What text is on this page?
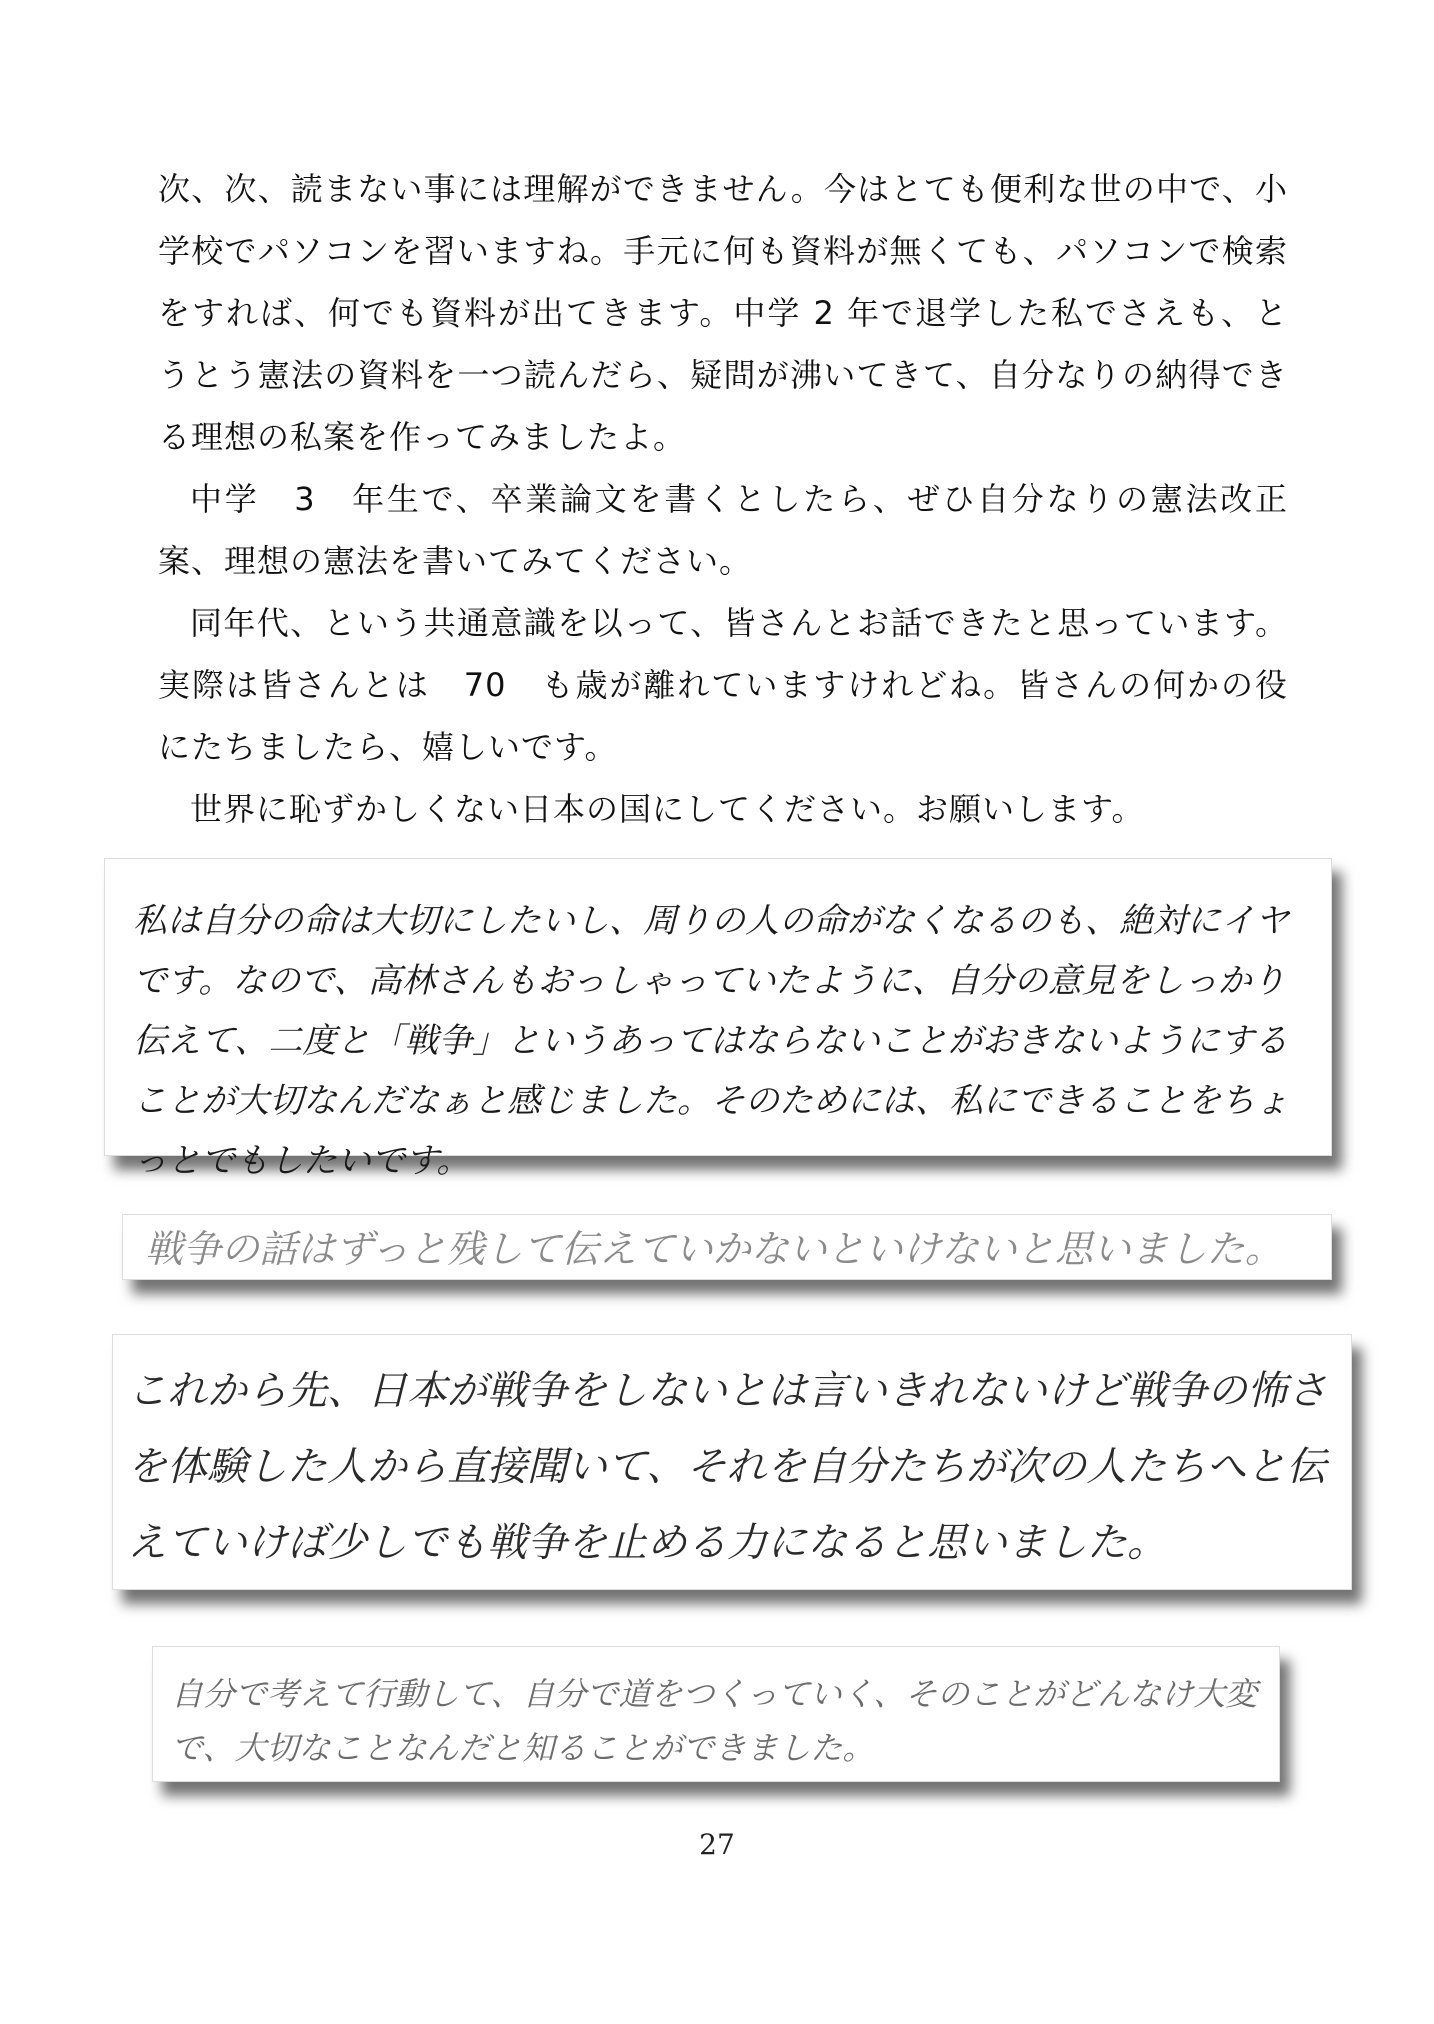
次、次、読まない事には理解ができません。今はとても便利な世の中で、小学校でパソコンを習いますね。手元に何も資料が無くても、パソコンで検索をすれば、何でも資料が出てきます。中学 2 年で退学した私でさえも、とうとう憲法の資料を一つ読んだら、疑問が沸いてきて、自分なりの納得できる理想の私案を作ってみましたよ。

中学　3　年生で、卒業論文を書くとしたら、ぜひ自分なりの憲法改正案、理想の憲法を書いてみてください。

同年代、という共通意識を以って、皆さんとお話できたと思っています。実際は皆さんとは　70　も歳が離れていますけれどね。皆さんの何かの役にたちましたら、嬉しいです。

世界に恥ずかしくない日本の国にしてください。お願いします。

私は自分の命は大切にしたいし、周りの人の命がなくなるのも、絶対にイヤです。なので、高林さんもおっしゃっていたように、自分の意見をしっかり伝えて、二度と「戦争」というあってはならないことがおきないようにすることが大切なんだなぁと感じました。そのためには、私にできることをちょっとでもしたいです。

戦争の話はずっと残して伝えていかないといけないと思いました。

これから先、日本が戦争をしないとは言いきれないけど戦争の怖さを体験した人から直接聞いて、それを自分たちが次の人たちへと伝えていけば少しでも戦争を止める力になると思いました。

自分で考えて行動して、自分で道をつくっていく、そのことがどんなけ大変で、大切なことなんだと知ることができました。

27
